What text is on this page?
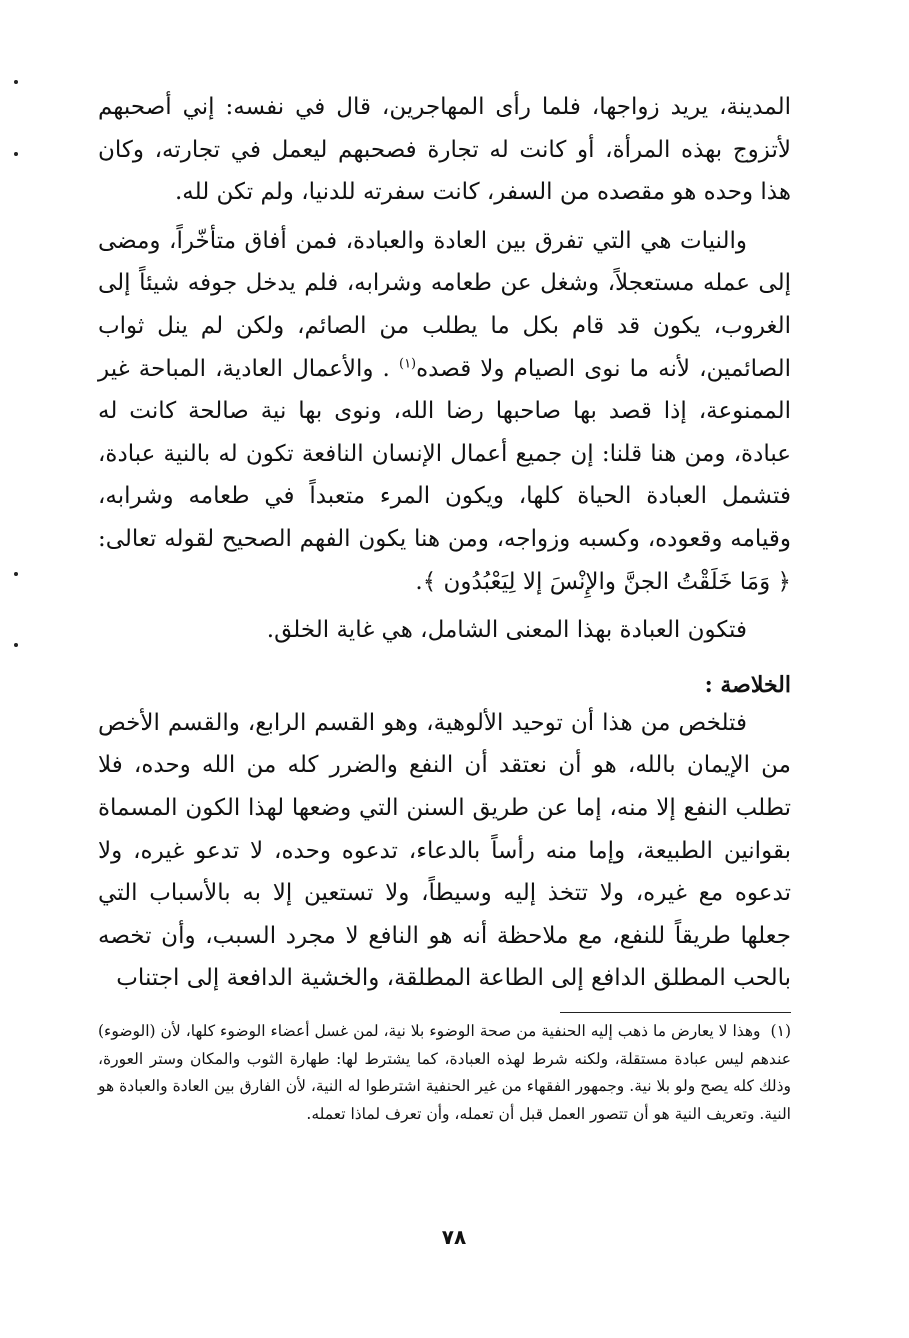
المدينة، يريد زواجها، فلما رأى المهاجرين، قال في نفسه: إني أصحبهم لأتزوج بهذه المرأة، أو كانت له تجارة فصحبهم ليعمل في تجارته، وكان هذا وحده هو مقصده من السفر، كانت سفرته للدنيا، ولم تكن لله.

والنيات هي التي تفرق بين العادة والعبادة، فمن أفاق متأخّراً، ومضى إلى عمله مستعجلاً، وشغل عن طعامه وشرابه، فلم يدخل جوفه شيئاً إلى الغروب، يكون قد قام بكل ما يطلب من الصائم، ولكن لم ينل ثواب الصائمين، لأنه ما نوى الصيام ولا قصده$^{(١)}$ . والأعمال العادية، المباحة غير الممنوعة، إذا قصد بها صاحبها رضا الله، ونوى بها نية صالحة كانت له عبادة، ومن هنا قلنا: إن جميع أعمال الإنسان النافعة تكون له بالنية عبادة، فتشمل العبادة الحياة كلها، ويكون المرء متعبداً في طعامه وشرابه، وقيامه وقعوده، وكسبه وزواجه، ومن هنا يكون الفهم الصحيح لقوله تعالى: ﴿ وَمَا خَلَقْتُ الجنَّ والإِنْسَ إلا لِيَعْبُدُون ﴾.

فتكون العبادة بهذا المعنى الشامل، هي غاية الخلق.

الخلاصة :

فتلخص من هذا أن توحيد الألوهية، وهو القسم الرابع، والقسم الأخص من الإيمان بالله، هو أن نعتقد أن النفع والضرر كله من الله وحده، فلا تطلب النفع إلا منه، إما عن طريق السنن التي وضعها لهذا الكون المسماة بقوانين الطبيعة، وإما منه رأساً بالدعاء، تدعوه وحده، لا تدعو غيره، ولا تدعوه مع غيره، ولا تتخذ إليه وسيطاً، ولا تستعين إلا به بالأسباب التي جعلها طريقاً للنفع، مع ملاحظة أنه هو النافع لا مجرد السبب، وأن تخصه بالحب المطلق الدافع إلى الطاعة المطلقة، والخشية الدافعة إلى اجتناب

(١)وهذا لا يعارض ما ذهب إليه الحنفية من صحة الوضوء بلا نية، لمن غسل أعضاء الوضوء كلها، لأن (الوضوء) عندهم ليس عبادة مستقلة، ولكنه شرط لهذه العبادة، كما يشترط لها: طهارة الثوب والمكان وستر العورة، وذلك كله يصح ولو بلا نية. وجمهور الفقهاء من غير الحنفية اشترطوا له النية، لأن الفارق بين العادة والعبادة هو النية. وتعريف النية هو أن تتصور العمل قبل أن تعمله، وأن تعرف لماذا تعمله.
٧٨
